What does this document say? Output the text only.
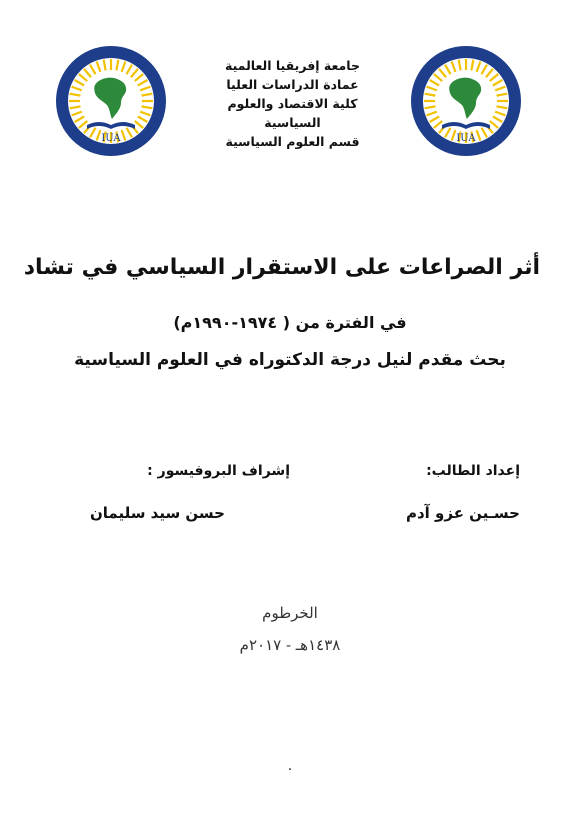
IUA	IUA
جامعة إفريقيا العالمية
عمادة الدراسات العليا
كلية الاقتصاد والعلوم
السياسية
قسم العلوم السياسية
أثر الصراعات على الاستقرار السياسي في تشاد
في الفترة من ( ١٩٧٤-١٩٩٠م)
بحث مقدم لنيل درجة الدكتوراه في العلوم السياسية
إعداد الطالب:
إشراف البروفيسور :
حسـين عزو آدم
حسن سيد سليمان
الخرطوم
١٤٣٨هـ - ٢٠١٧م
.
